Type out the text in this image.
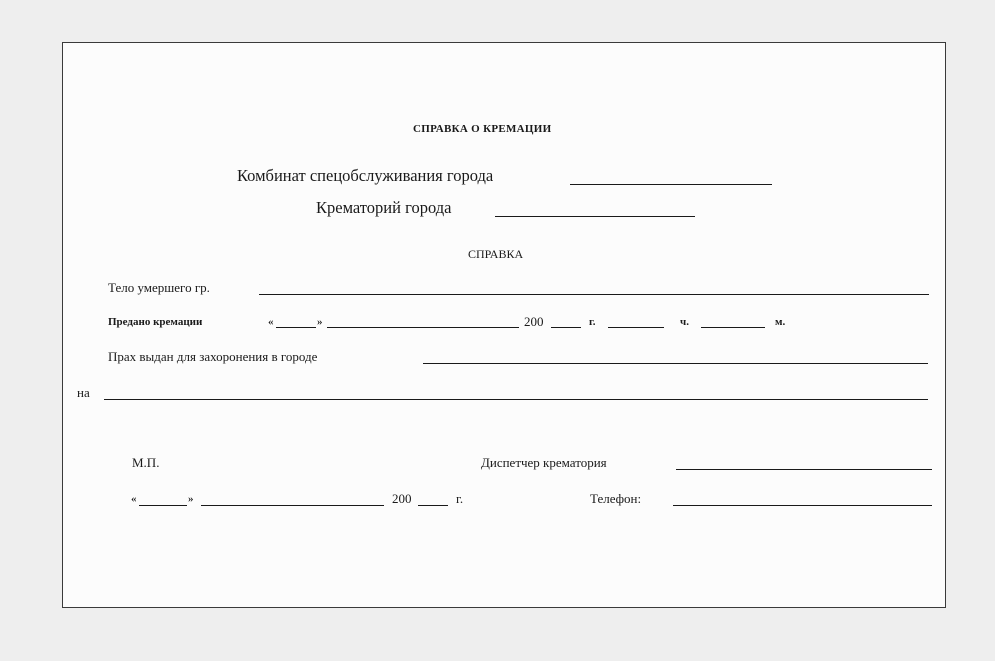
СПРАВКА О КРЕМАЦИИ
Комбинат спецобслуживания города
Крематорий города
СПРАВКА
Тело умершего гр.
Предано кремации	«	»	200	г.	ч.	м.
Прах выдан для захоронения в городе
на
М.П.	Диспетчер крематория
«	»	200	г.	Телефон:
